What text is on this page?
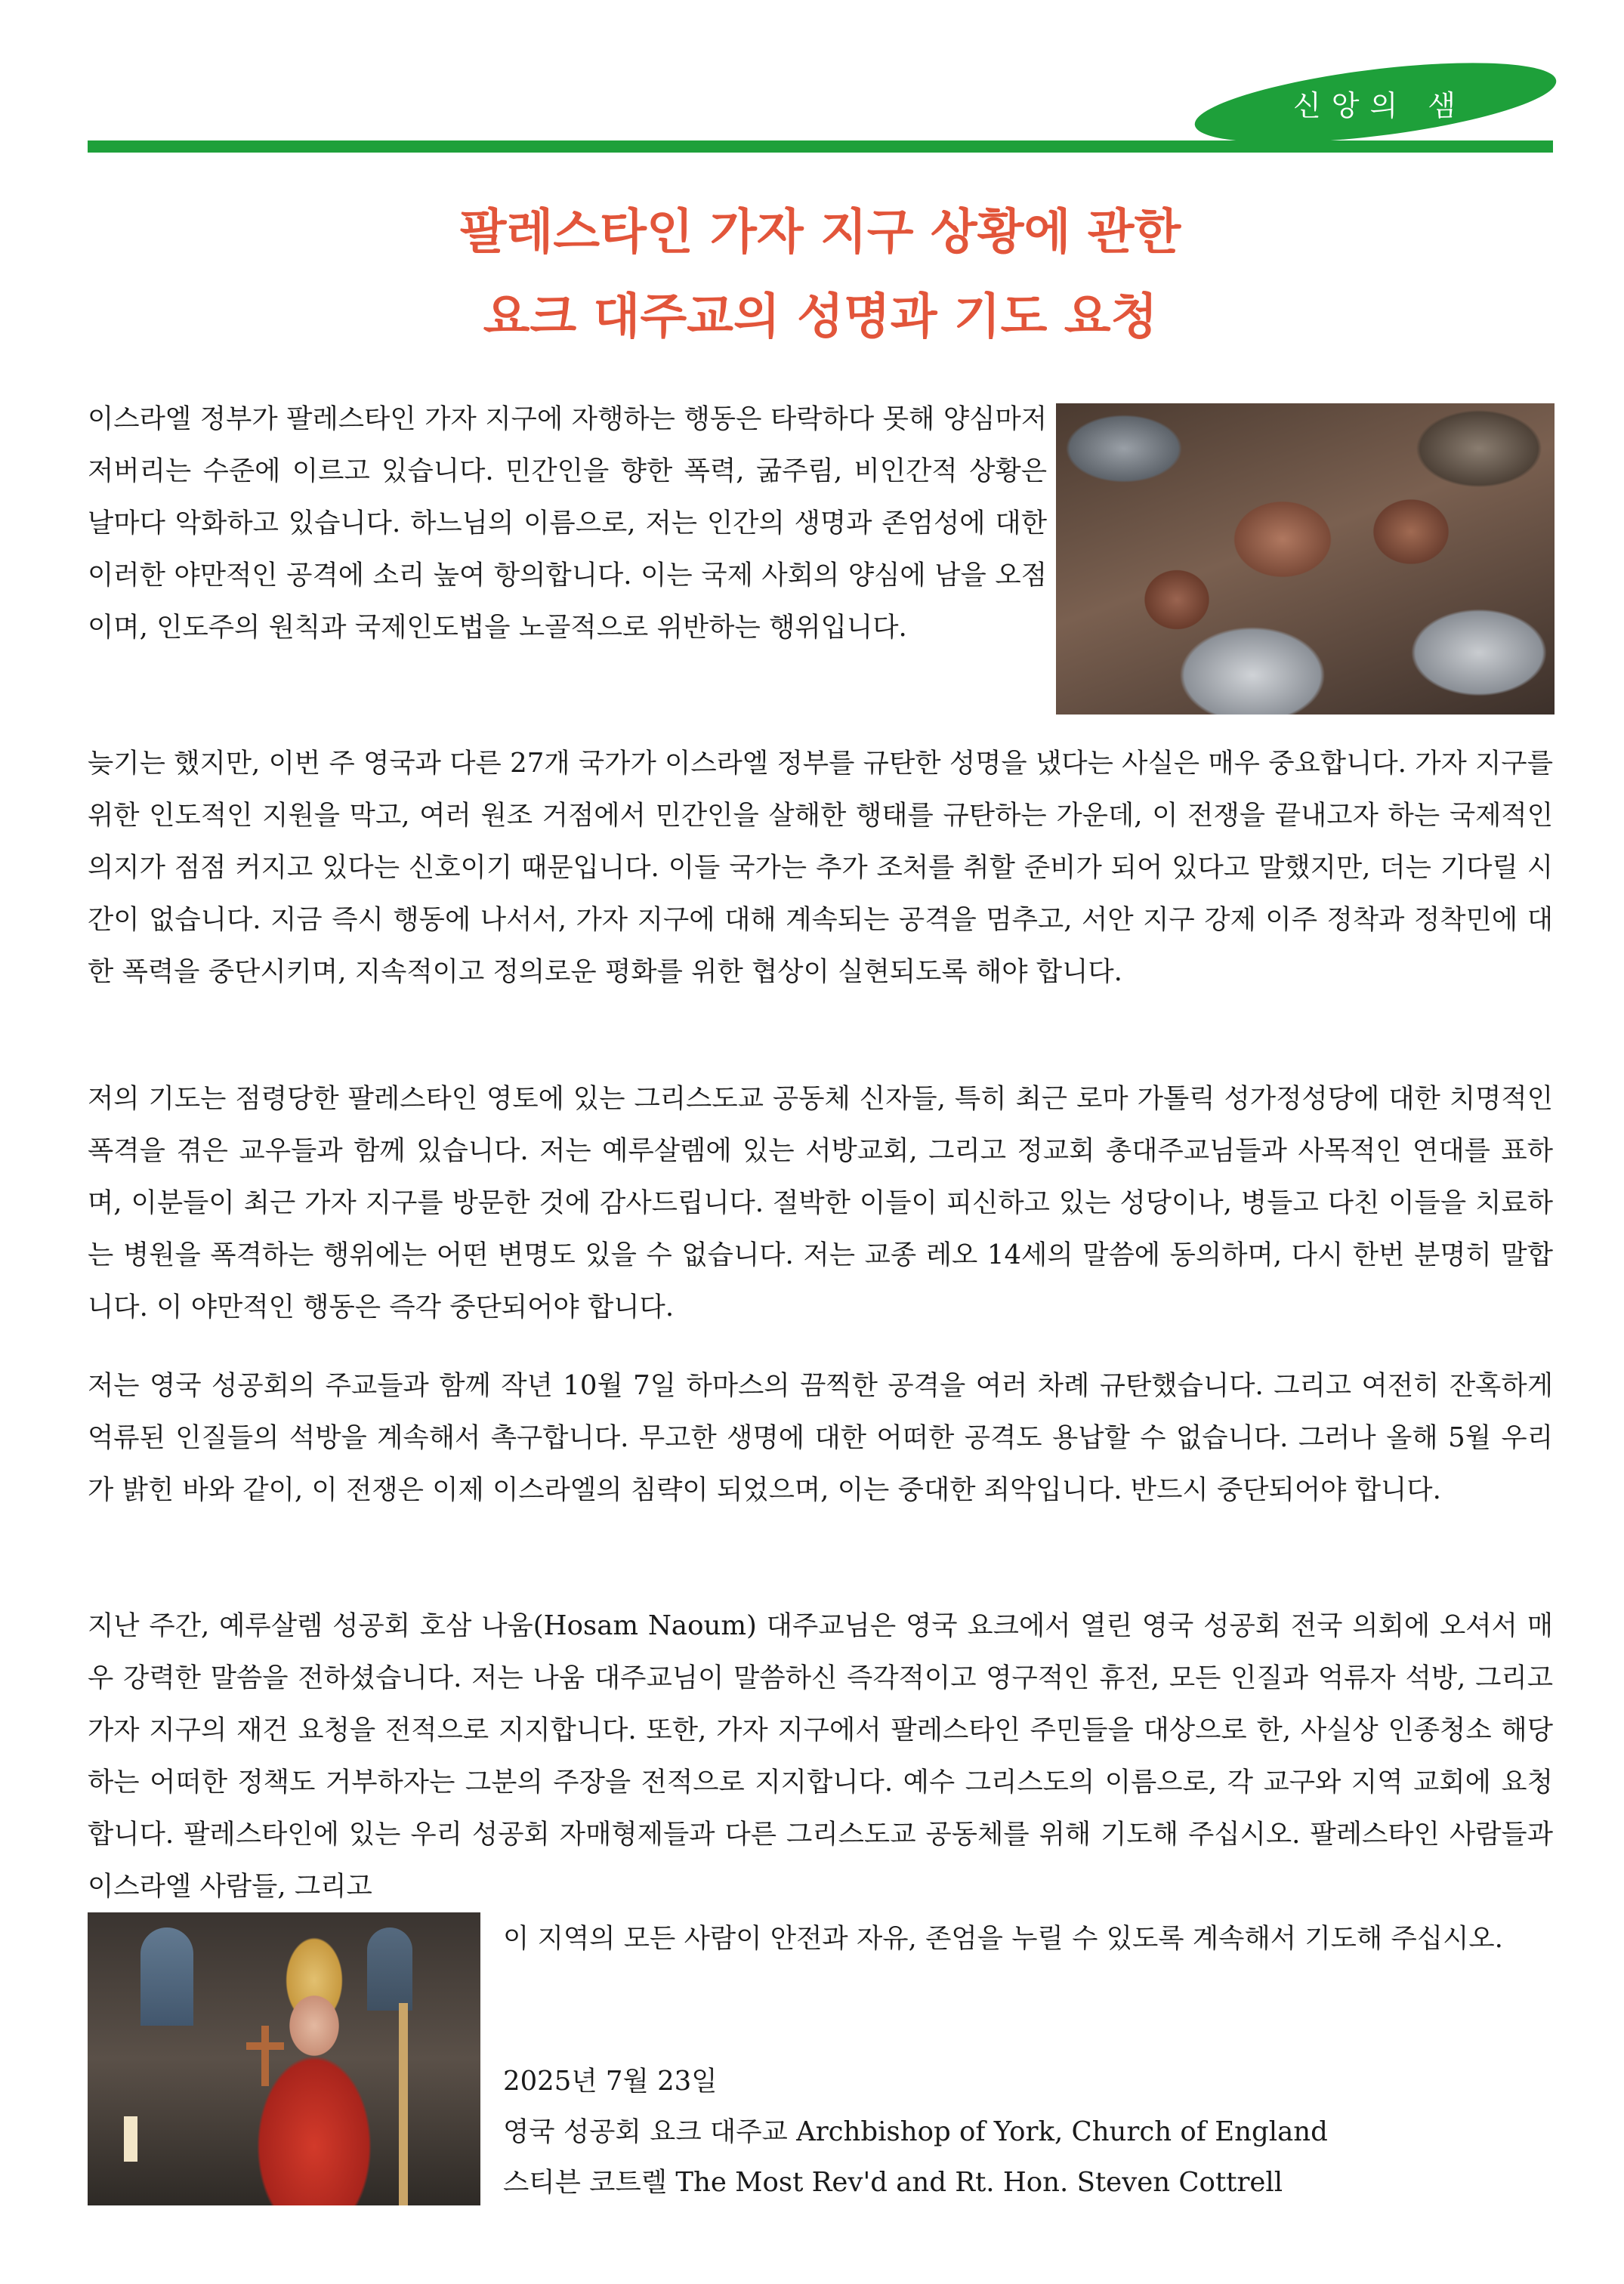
신앙의 샘
팔레스타인 가자 지구 상황에 관한
요크 대주교의 성명과 기도 요청

이스라엘 정부가 팔레스타인 가자 지구에 자행하는 행동은 타락하다 못해 양심마저 저버리는 수준에 이르고 있습니다. 민간인을 향한 폭력, 굶주림, 비인간적 상황은 날마다 악화하고 있습니다. 하느님의 이름으로, 저는 인간의 생명과 존엄성에 대한 이러한 야만적인 공격에 소리 높여 항의합니다. 이는 국제 사회의 양심에 남을 오점이며, 인도주의 원칙과 국제인도법을 노골적으로 위반하는 행위입니다.

늦기는 했지만, 이번 주 영국과 다른 27개 국가가 이스라엘 정부를 규탄한 성명을 냈다는 사실은 매우 중요합니다. 가자 지구를 위한 인도적인 지원을 막고, 여러 원조 거점에서 민간인을 살해한 행태를 규탄하는 가운데, 이 전쟁을 끝내고자 하는 국제적인 의지가 점점 커지고 있다는 신호이기 때문입니다. 이들 국가는 추가 조처를 취할 준비가 되어 있다고 말했지만, 더는 기다릴 시간이 없습니다. 지금 즉시 행동에 나서서, 가자 지구에 대해 계속되는 공격을 멈추고, 서안 지구 강제 이주 정착과 정착민에 대한 폭력을 중단시키며, 지속적이고 정의로운 평화를 위한 협상이 실현되도록 해야 합니다.

저의 기도는 점령당한 팔레스타인 영토에 있는 그리스도교 공동체 신자들, 특히 최근 로마 가톨릭 성가정성당에 대한 치명적인 폭격을 겪은 교우들과 함께 있습니다. 저는 예루살렘에 있는 서방교회, 그리고 정교회 총대주교님들과 사목적인 연대를 표하며, 이분들이 최근 가자 지구를 방문한 것에 감사드립니다. 절박한 이들이 피신하고 있는 성당이나, 병들고 다친 이들을 치료하는 병원을 폭격하는 행위에는 어떤 변명도 있을 수 없습니다. 저는 교종 레오 14세의 말씀에 동의하며, 다시 한번 분명히 말합니다. 이 야만적인 행동은 즉각 중단되어야 합니다.

저는 영국 성공회의 주교들과 함께 작년 10월 7일 하마스의 끔찍한 공격을 여러 차례 규탄했습니다. 그리고 여전히 잔혹하게 억류된 인질들의 석방을 계속해서 촉구합니다. 무고한 생명에 대한 어떠한 공격도 용납할 수 없습니다. 그러나 올해 5월 우리가 밝힌 바와 같이, 이 전쟁은 이제 이스라엘의 침략이 되었으며, 이는 중대한 죄악입니다. 반드시 중단되어야 합니다.

지난 주간, 예루살렘 성공회 호삼 나움(Hosam Naoum) 대주교님은 영국 요크에서 열린 영국 성공회 전국 의회에 오셔서 매우 강력한 말씀을 전하셨습니다. 저는 나움 대주교님이 말씀하신 즉각적이고 영구적인 휴전, 모든 인질과 억류자 석방, 그리고 가자 지구의 재건 요청을 전적으로 지지합니다. 또한, 가자 지구에서 팔레스타인 주민들을 대상으로 한, 사실상 인종청소 해당하는 어떠한 정책도 거부하자는 그분의 주장을 전적으로 지지합니다. 예수 그리스도의 이름으로, 각 교구와 지역 교회에 요청합니다. 팔레스타인에 있는 우리 성공회 자매형제들과 다른 그리스도교 공동체를 위해 기도해 주십시오. 팔레스타인 사람들과 이스라엘 사람들, 그리고

이 지역의 모든 사람이 안전과 자유, 존엄을 누릴 수 있도록 계속해서 기도해 주십시오.

2025년 7월 23일
영국 성공회 요크 대주교 Archbishop of York, Church of England
스티븐 코트렐 The Most Rev'd and Rt. Hon. Steven Cottrell
